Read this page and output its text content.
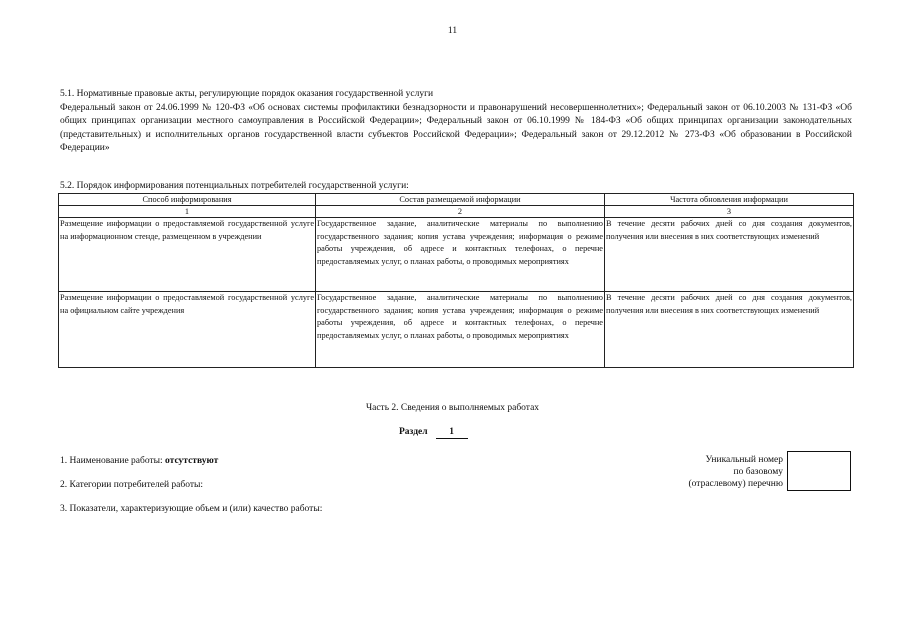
11
5.1. Нормативные правовые акты, регулирующие порядок оказания государственной услуги
Федеральный закон от 24.06.1999 № 120-ФЗ «Об основах системы профилактики безнадзорности и правонарушений несовершеннолетних»; Федеральный закон от 06.10.2003 № 131-ФЗ «Об общих принципах организации местного самоуправления в Российской Федерации»; Федеральный закон от 06.10.1999 № 184-ФЗ «Об общих принципах организации законодательных (представительных) и исполнительных органов государственной власти субъектов Российской Федерации»; Федеральный закон от 29.12.2012 № 273-ФЗ «Об образовании в Российской Федерации»
5.2. Порядок информирования потенциальных потребителей государственной услуги:
Способ информирования	Состав размещаемой информации	Частота обновления информации
1	2	3
Размещение информации о предоставляемой государственной услуге на информационном стенде, размещенном в учреждении	Государственное задание, аналитические материалы по выполнению государственного задания; копия устава учреждения; информация о режиме работы учреждения, об адресе и контактных телефонах, о перечне предоставляемых услуг, о планах работы, о проводимых мероприятиях	В течение десяти рабочих дней со дня создания документов, получения или внесения в них соответствующих изменений
Размещение информации о предоставляемой государственной услуге на официальном сайте учреждения	Государственное задание, аналитические материалы по выполнению государственного задания; копия устава учреждения; информация о режиме работы учреждения, об адресе и контактных телефонах, о перечне предоставляемых услуг, о планах работы, о проводимых мероприятиях	В течение десяти рабочих дней со дня создания документов, получения или внесения в них соответствующих изменений
Часть 2. Сведения о выполняемых работах
Раздел 1
1. Наименование работы: отсутствуют
2. Категории потребителей работы:
3. Показатели, характеризующие объем и (или) качество работы:
Уникальный номер
по базовому
(отраслевому) перечню
